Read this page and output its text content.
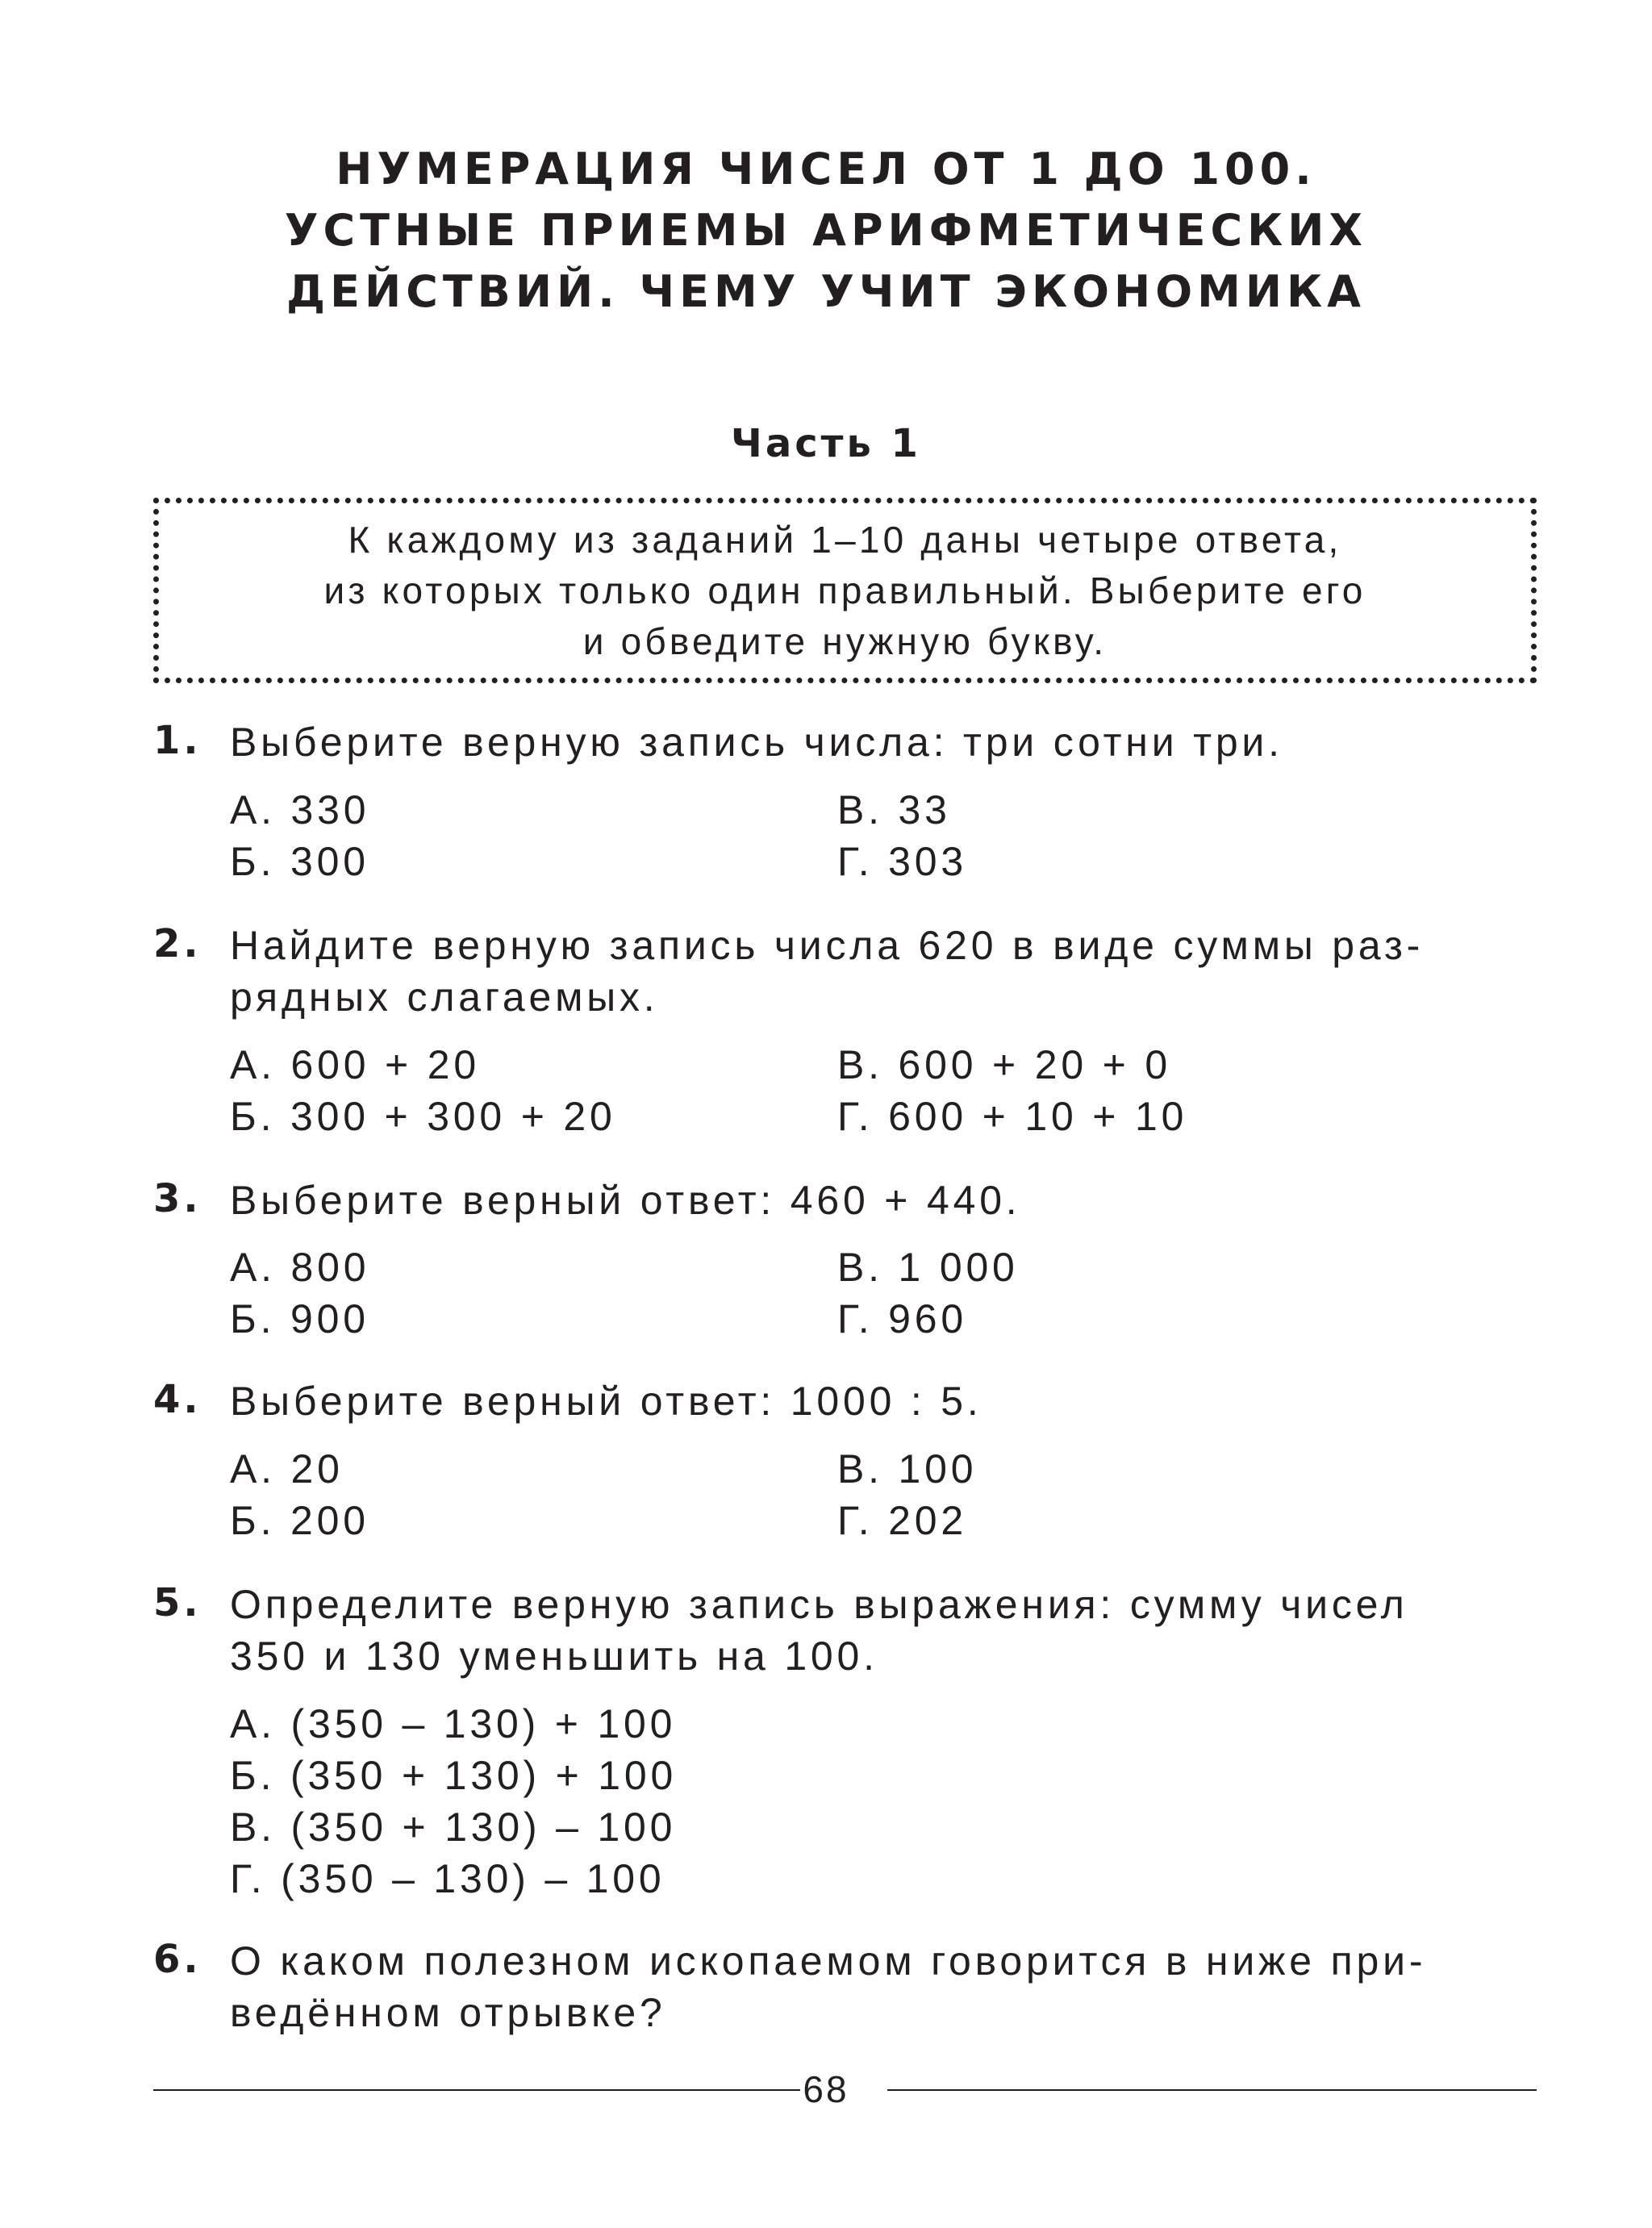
НУМЕРАЦИЯ ЧИСЕЛ ОТ 1 ДО 100.
УСТНЫЕ ПРИЕМЫ АРИФМЕТИЧЕСКИХ
ДЕЙСТВИЙ. ЧЕМУ УЧИТ ЭКОНОМИКА
Часть 1
К каждому из заданий 1–10 даны четыре ответа,
из которых только один правильный. Выберите его
и обведите нужную букву.
1. Выберите верную запись числа: три сотни три.
А. 330
Б. 300
В. 33
Г. 303
2. Найдите верную запись числа 620 в виде суммы раз-
рядных слагаемых.
А. 600 + 20
Б. 300 + 300 + 20
В. 600 + 20 + 0
Г. 600 + 10 + 10
3. Выберите верный ответ: 460 + 440.
А. 800
Б. 900
В. 1 000
Г. 960
4. Выберите верный ответ: 1000 : 5.
А. 20
Б. 200
В. 100
Г. 202
5. Определите верную запись выражения: сумму чисел
350 и 130 уменьшить на 100.
А. (350 – 130) + 100
Б. (350 + 130) + 100
В. (350 + 130) – 100
Г. (350 – 130) – 100
6. О каком полезном ископаемом говорится в ниже при-
ведённом отрывке?
68
